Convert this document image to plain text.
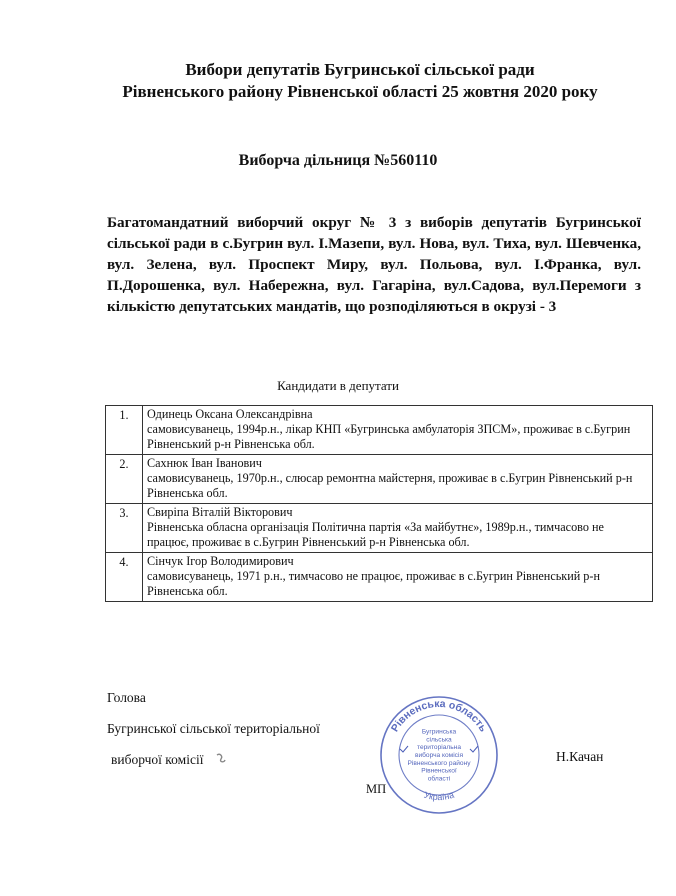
Вибори депутатів Бугринської сільської ради
Рівненського району Рівненської області 25 жовтня 2020 року
Виборча дільниця №560110
Багатомандатний виборчий округ № 3 з виборів депутатів Бугринської сільської ради в с.Бугрин вул. І.Мазепи, вул. Нова, вул. Тиха, вул. Шевченка, вул. Зелена, вул. Проспект Миру, вул. Польова, вул. І.Франка, вул. П.Дорошенка, вул. Набережна, вул. Гагаріна, вул.Садова, вул.Перемоги з кількістю депутатських мандатів, що розподіляються в окрузі - 3
Кандидати в депутати
1.	Одинець Оксана Олександрівна
самовисуванець, 1994р.н., лікар КНП «Бугринська амбулаторія ЗПСМ», проживає в с.Бугрин Рівненський р-н Рівненська обл.

2.	Сахнюк Іван Іванович
самовисуванець, 1970р.н., слюсар ремонтна майстерня, проживає в с.Бугрин Рівненський р-н Рівненська обл.

3.	Свиріпа Віталій Вікторович
Рівненська обласна організація Політична партія «За майбутнє», 1989р.н., тимчасово не працює, проживає в с.Бугрин Рівненський р-н Рівненська обл.

4.	Сінчук Ігор Володимирович
самовисуванець, 1971 р.н., тимчасово не працює, проживає в с.Бугрин Рівненський р-н Рівненська обл.
Голова
Бугринської сільської територіальної
виборчої комісії
МП
Рівненська область
Україна
Бугринська
сільська
територіальна
виборча комісія
Рівненського району
Рівненської
області
Н.Качан
